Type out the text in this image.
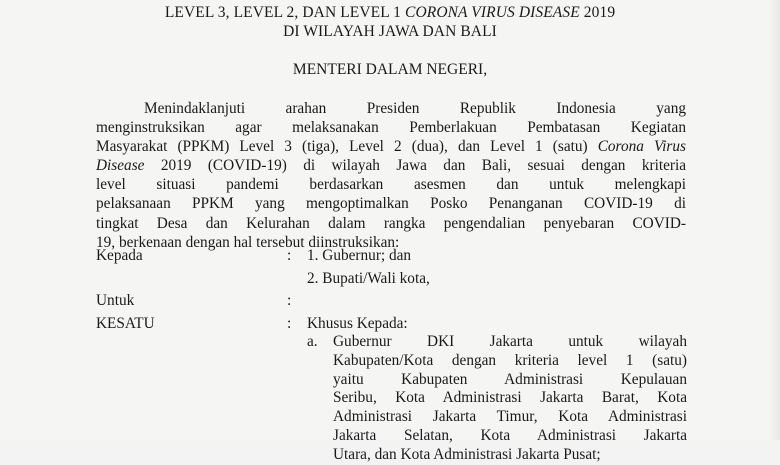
LEVEL 3, LEVEL 2, DAN LEVEL 1 CORONA VIRUS DISEASE 2019
DI WILAYAH JAWA DAN BALI
MENTERI DALAM NEGERI,
Menindaklanjuti arahan Presiden Republik Indonesia yang
menginstruksikan agar melaksanakan Pemberlakuan Pembatasan Kegiatan
Masyarakat (PPKM) Level 3 (tiga), Level 2 (dua), dan Level 1 (satu) Corona Virus
Disease 2019 (COVID-19) di wilayah Jawa dan Bali, sesuai dengan kriteria
level situasi pandemi berdasarkan asesmen dan untuk melengkapi
pelaksanaan PPKM yang mengoptimalkan Posko Penanganan COVID-19 di
tingkat Desa dan Kelurahan dalam rangka pengendalian penyebaran COVID-
19, berkenaan dengan hal tersebut diinstruksikan:
Kepada	: 1. Gubernur; dan
2. Bupati/Wali kota,
Untuk	:
KESATU	: Khusus Kepada:
a. Gubernur DKI Jakarta untuk wilayah
Kabupaten/Kota dengan kriteria level 1 (satu)
yaitu Kabupaten Administrasi Kepulauan
Seribu, Kota Administrasi Jakarta Barat, Kota
Administrasi Jakarta Timur, Kota Administrasi
Jakarta Selatan, Kota Administrasi Jakarta
Utara, dan Kota Administrasi Jakarta Pusat;
